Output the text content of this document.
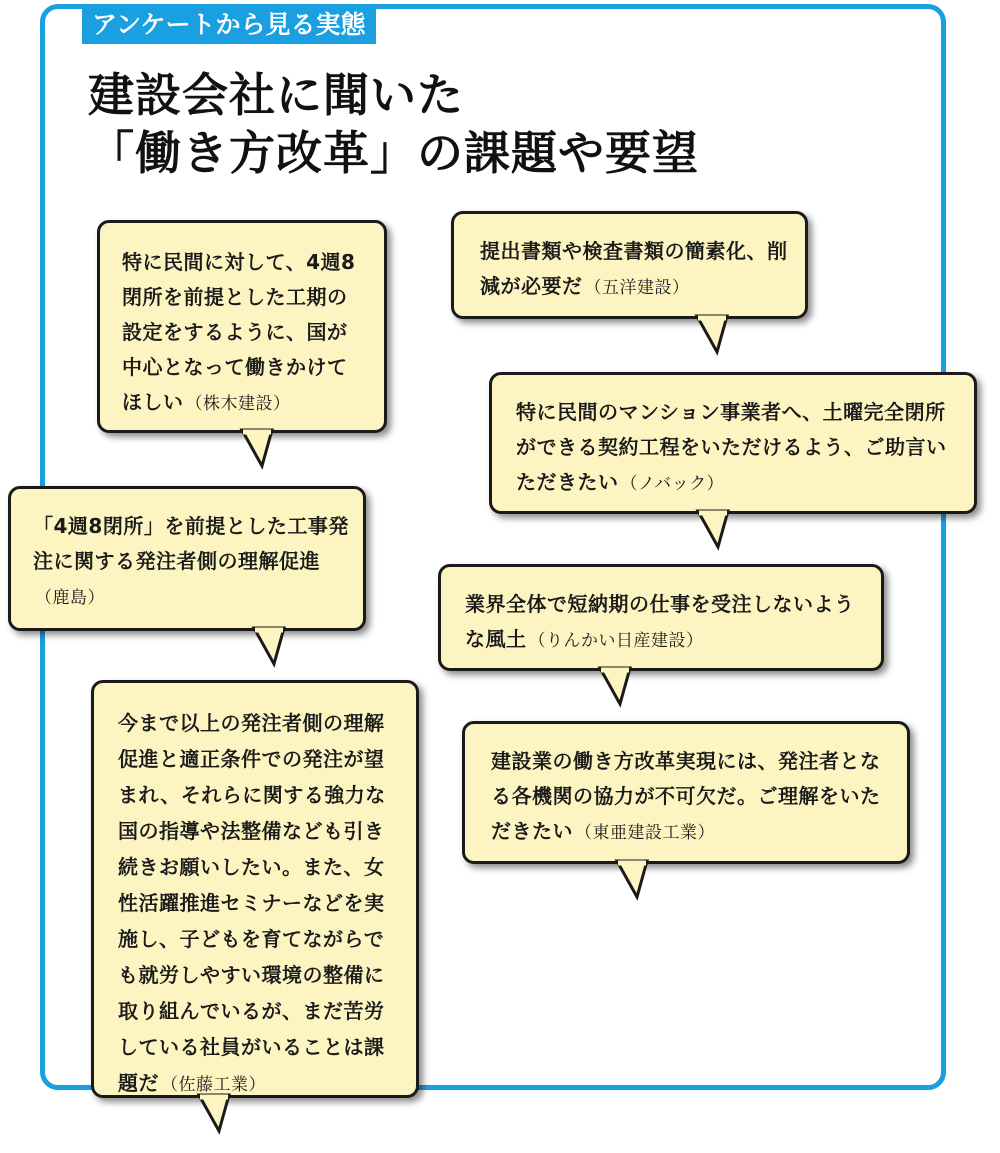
アンケートから見る実態
建設会社に聞いた
「働き方改革」の課題や要望
特に民間に対して、4週8閉所を前提とした工期の設定をするように、国が中心となって働きかけてほしい （株木建設）
提出書類や検査書類の簡素化、削減が必要だ （五洋建設）
特に民間のマンション事業者へ、土曜完全閉所ができる契約工程をいただけるよう、ご助言いただきたい （ノバック）
「4週8閉所」を前提とした工事発注に関する発注者側の理解促進（鹿島）	業界全体で短納期の仕事を受注しないような風土 （りんかい日産建設）
今まで以上の発注者側の理解促進と適正条件での発注が望まれ、それらに関する強力な国の指導や法整備なども引き続きお願いしたい。また、女性活躍推進セミナーなどを実施し、子どもを育てながらでも就労しやすい環境の整備に取り組んでいるが、まだ苦労している社員がいることは課題だ （佐藤工業）
建設業の働き方改革実現には、発注者となる各機関の協力が不可欠だ。ご理解をいただきたい （東亜建設工業）
